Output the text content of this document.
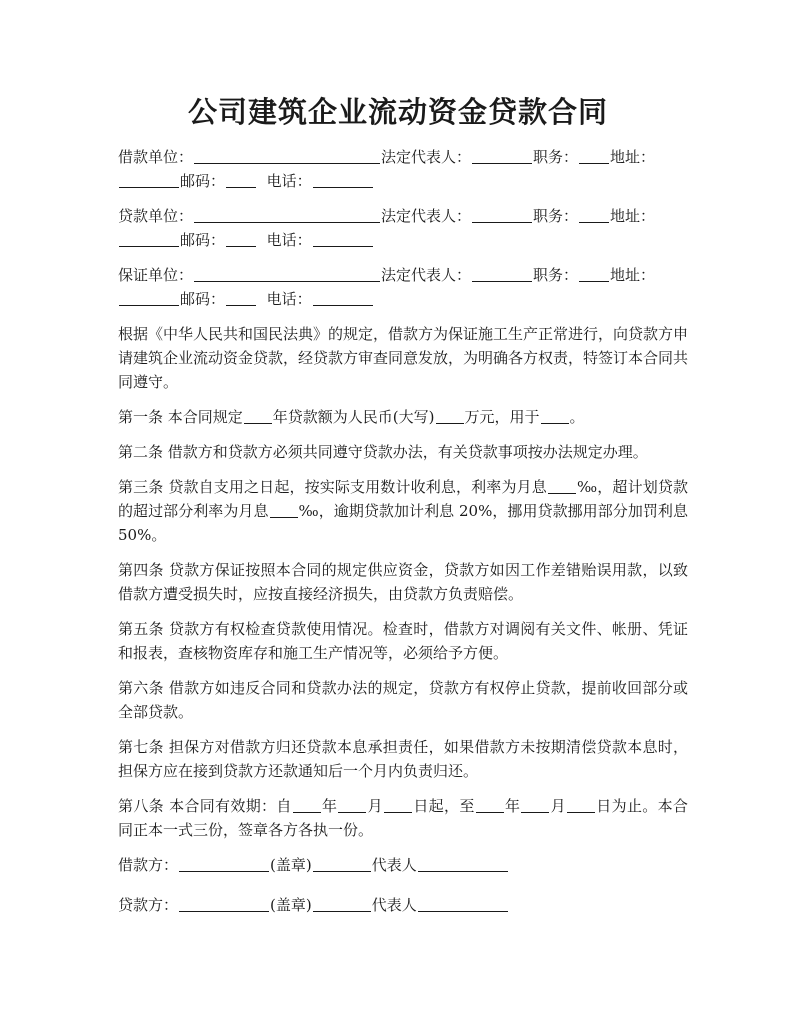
公司建筑企业流动资金贷款合同
借款单位：	法定代表人：	职务： 地址：
邮码：	电话：
贷款单位：	法定代表人：	职务： 地址：
邮码：	电话：
保证单位：	法定代表人：	职务： 地址：
邮码：	电话：

根据《中华人民共和国民法典》的规定，借款方为保证施工生产正常进行，向贷款方申请建筑企业流动资金贷款，经贷款方审查同意发放，为明确各方权责，特签订本合同共同遵守。

第一条 本合同规定 年贷款额为人民币(大写) 万元，用于 。

第二条 借款方和贷款方必须共同遵守贷款办法，有关贷款事项按办法规定办理。

第三条 贷款自支用之日起，按实际支用数计收利息，利率为月息 ‰，超计划贷款的超过部分利率为月息 ‰，逾期贷款加计利息 20%，挪用贷款挪用部分加罚利息 50%。

第四条 贷款方保证按照本合同的规定供应资金，贷款方如因工作差错贻误用款，以致借款方遭受损失时，应按直接经济损失，由贷款方负责赔偿。

第五条 贷款方有权检查贷款使用情况。检查时，借款方对调阅有关文件、帐册、凭证和报表，查核物资库存和施工生产情况等，必须给予方便。

第六条 借款方如违反合同和贷款办法的规定，贷款方有权停止贷款，提前收回部分或全部贷款。

第七条 担保方对借款方归还贷款本息承担责任，如果借款方未按期清偿贷款本息时，担保方应在接到贷款方还款通知后一个月内负责归还。

第八条 本合同有效期：自 年 月 日起，至 年 月 日为止。本合同正本一式三份，签章各方各执一份。

借款方：	(盖章)	代表人

贷款方：	(盖章)	代表人
